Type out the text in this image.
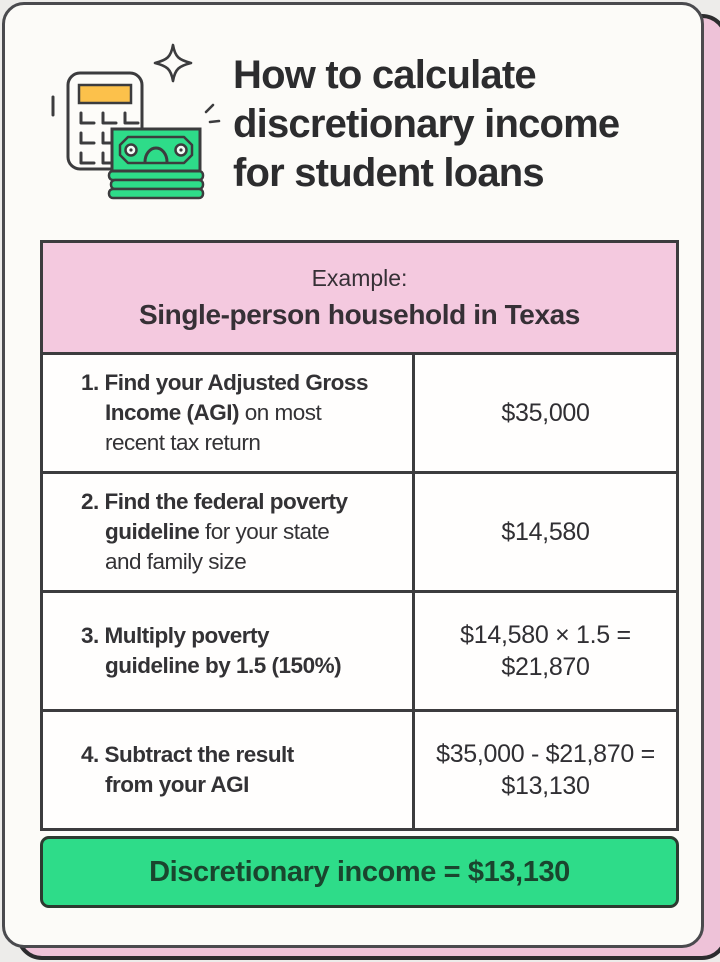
How to calculate
discretionary income
for student loans
Example:
Single-person household in Texas
1. Find your Adjusted Gross
Income (AGI) on most
recent tax return
$35,000
2. Find the federal poverty
guideline for your state
and family size
$14,580
3. Multiply poverty
guideline by 1.5 (150%)
$14,580 × 1.5 =
$21,870
4. Subtract the result
from your AGI
$35,000 - $21,870 =
$13,130
Discretionary income = $13,130
